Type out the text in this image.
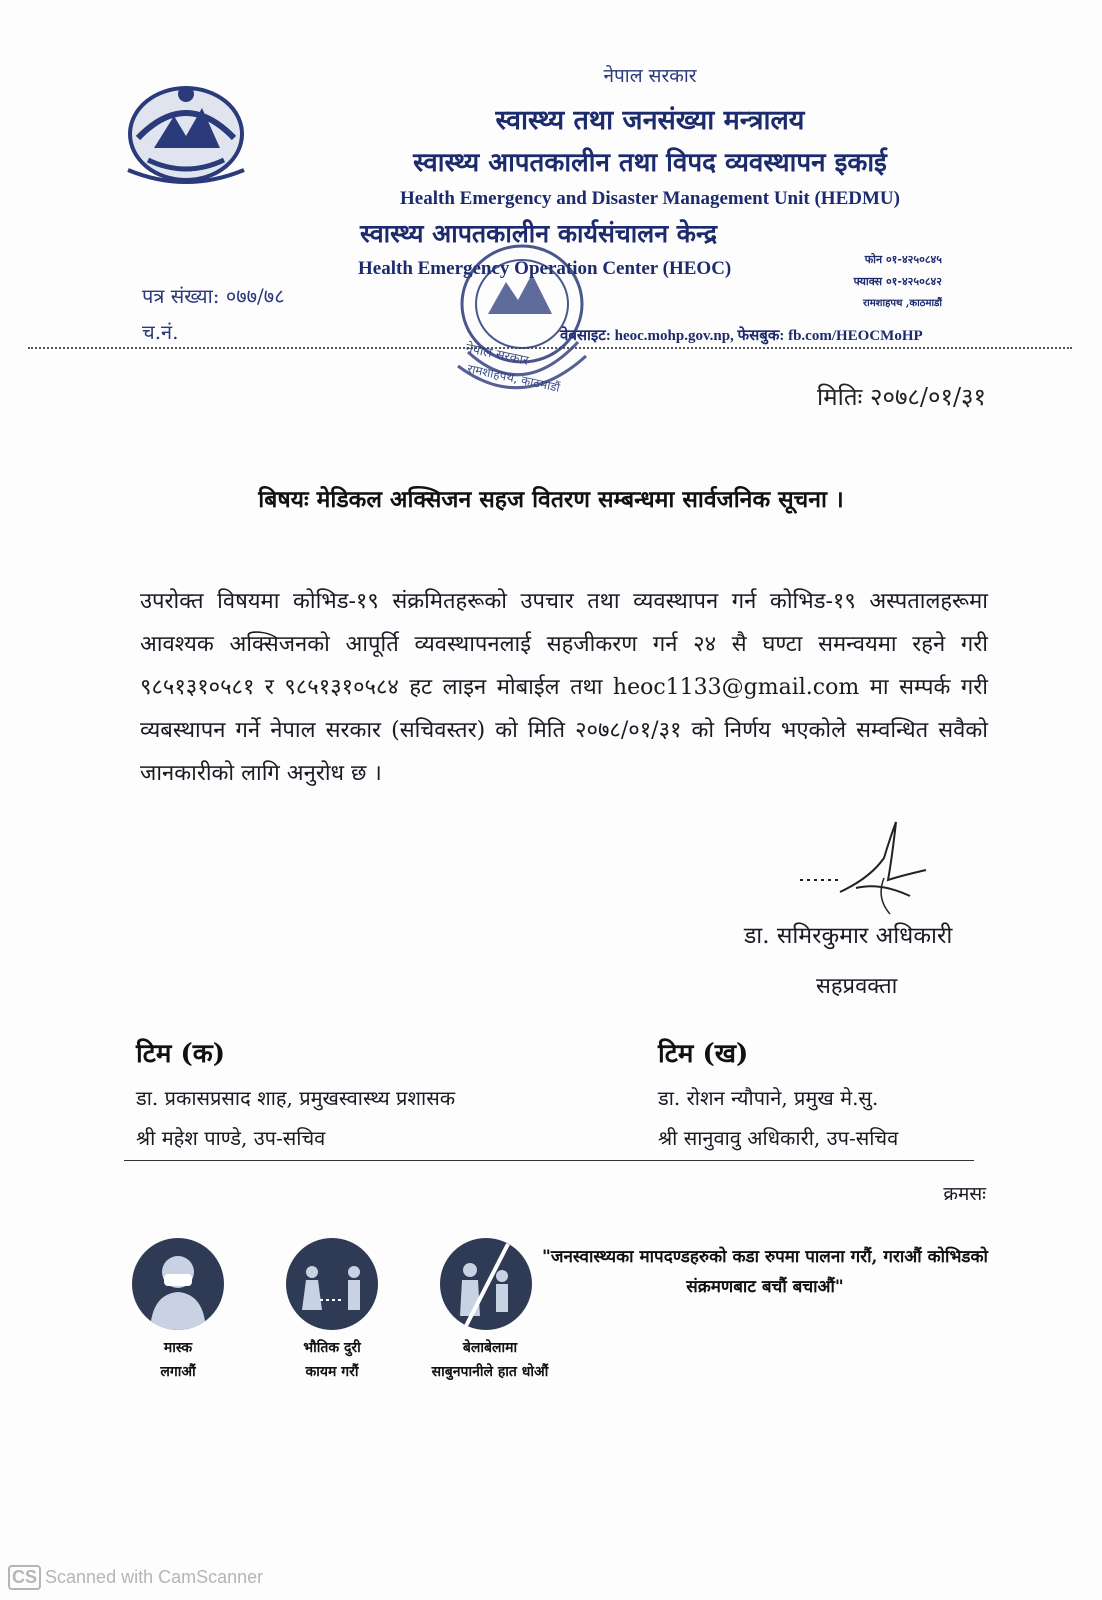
नेपाल सरकार
स्वास्थ्य तथा जनसंख्या मन्त्रालय
स्वास्थ्य आपतकालीन तथा विपद व्यवस्थापन इकाई
Health Emergency and Disaster Management Unit (HEDMU)
स्वास्थ्य आपतकालीन कार्यसंचालन केन्द्र
Health Emergency Operation Center (HEOC)	फोन ०१-४२५०८४५
फ्याक्स ०१-४२५०८४२
रामशाहपथ ,काठमाडौं
पत्र संख्या: ०७७/७८
च.नं.	वेबसाइट: heoc.mohp.gov.np, फेसबुक: fb.com/HEOCMoHP
नेपाल सरकार
रामशाहपथ, काठमाडौं
मितिः २०७८/०१/३१
बिषयः मेडिकल अक्सिजन सहज वितरण सम्बन्धमा सार्वजनिक सूचना ।
उपरोक्त विषयमा कोभिड-१९ संक्रमितहरूको उपचार तथा व्यवस्थापन गर्न कोभिड-१९ अस्पतालहरूमा आवश्यक अक्सिजनको आपूर्ति व्यवस्थापनलाई सहजीकरण गर्न २४ सै घण्टा समन्वयमा रहने गरी ९८५१३१०५८१ र ९८५१३१०५८४ हट लाइन मोबाईल तथा heoc1133@gmail.com मा सम्पर्क गरी व्यबस्थापन गर्ने नेपाल सरकार (सचिवस्तर) को मिति २०७८/०१/३१ को निर्णय भएकोले सम्वन्धित सवैको जानकारीको लागि अनुरोध छ ।
डा. समिरकुमार अधिकारी
सहप्रवक्ता
टिम (क)
डा. प्रकासप्रसाद शाह, प्रमुखस्वास्थ्य प्रशासक
श्री महेश पाण्डे, उप-सचिव
टिम (ख)
डा. रोशन न्यौपाने, प्रमुख मे.सु.
श्री सानुवावु अधिकारी, उप-सचिव
क्रमसः
मास्क
लगाऔं
भौतिक दुरी
कायम गरौं
बेलाबेलामा
साबुनपानीले हात धोऔं
"जनस्वास्थ्यका मापदण्डहरुको कडा रुपमा पालना गरौं, गराऔं कोभिडको संक्रमणबाट बचौं बचाऔं"
CS Scanned with CamScanner
